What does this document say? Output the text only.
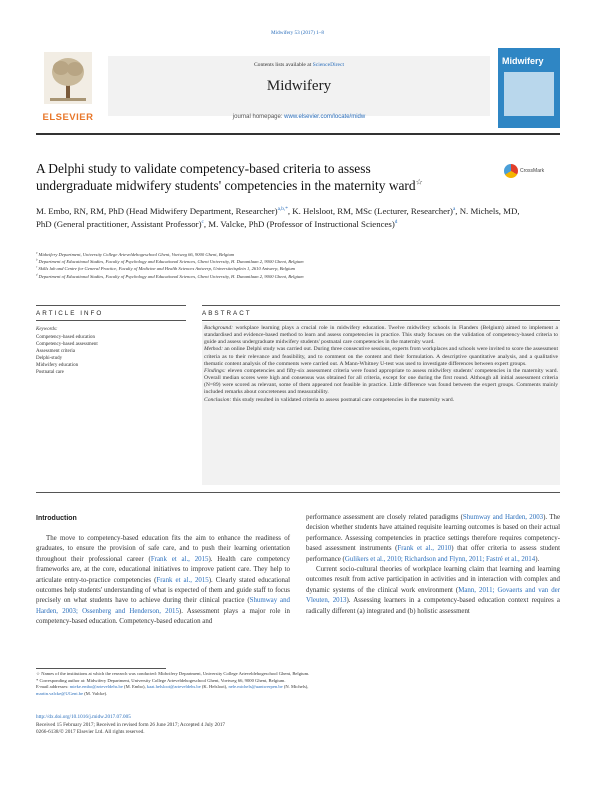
Midwifery 53 (2017) 1–8
ELSEVIER
Contents lists available at ScienceDirect
Midwifery
journal homepage: www.elsevier.com/locate/midw
Midwifery
A Delphi study to validate competency-based criteria to assess
undergraduate midwifery students' competencies in the maternity ward☆
CrossMark
M. Embo, RN, RM, PhD (Head Midwifery Department, Researcher)$^{a,b,*}$, K. Helsloot, RM, MSc (Lecturer, Researcher)$^a$, N. Michels, MD, PhD (General practitioner, Assistant Professor)$^c$, M. Valcke, PhD (Professor of Instructional Sciences)$^d$
$^a$ Midwifery Department, University College Arteveldehogeschool Ghent, Voetweg 66, 9000 Ghent, Belgium
$^b$ Department of Educational Studies, Faculty of Psychology and Educational Sciences, Ghent University, H. Dunantlaan 2, 9000 Ghent, Belgium
$^c$ Skills lab and Centre for General Practice, Faculty of Medicine and Health Sciences Antwerp, Universiteitsplein 1, 2610 Antwerp, Belgium
$^d$ Department of Educational Studies, Faculty of Psychology and Educational Sciences, Ghent University, H. Dunantlaan 2, 9000 Ghent, Belgium
ARTICLE INFO
Keywords:
Competency-based education
Competency-based assessment
Assessment criteria
Delphi-study
Midwifery education
Postnatal care
ABSTRACT

Background: workplace learning plays a crucial role in midwifery education. Twelve midwifery schools in Flanders (Belgium) aimed to implement a standardised and evidence-based method to learn and assess competencies in practice. This study focuses on the validation of competency-based criteria to guide and assess undergraduate midwifery students' postnatal care competencies in the maternity ward.

Method: an online Delphi study was carried out. During three consecutive sessions, experts from workplaces and schools were invited to score the assessment criteria as to their relevance and feasibility, and to comment on the content and their formulation. A descriptive quantitative analysis, and a qualitative thematic content analysis of the comments were carried out. A Mann-Whitney U-test was used to investigate differences between expert groups.

Findings: eleven competencies and fifty-six assessment criteria were found appropriate to assess midwifery students' competencies in the maternity ward. Overall median scores were high and consensus was obtained for all criteria, except for one during the first round. Although all initial assessment criteria (N=89) were scored as relevant, some of them appeared not feasible in practice. Little difference was found between the expert groups. Comments mainly included remarks about concreteness and measurability.

Conclusion: this study resulted in validated criteria to assess postnatal care competencies in the maternity ward.

Introduction

The move to competency-based education fits the aim to enhance the readiness of graduates, to ensure the provision of safe care, and to push their learning orientation throughout their professional career (Frank et al., 2015). Health care competency frameworks are, at the core, educational initiatives to improve patient care. They help to articulate entry-to-practice competencies (Frank et al., 2015). Clearly stated educational outcomes help students' understanding of what is expected of them and guide staff to focus precisely on what students have to achieve during their clinical practice (Shumway and Harden, 2003; Ossenberg and Henderson, 2015). Assessment plays a major role in competency-based education. Competency-based education and

performance assessment are closely related paradigms (Shumway and Harden, 2003). The decision whether students have attained requisite learning outcomes is based on their actual performance. Assessing competencies in practice settings therefore requires competency-based assessment instruments (Frank et al., 2010) that offer criteria to assess student performance (Gulikers et al., 2010; Richardson and Flynn, 2011; Fastré et al., 2014).

Current socio-cultural theories of workplace learning claim that learning and learning outcomes result from active participation in activities and in interaction with complex and dynamic systems of the clinical work environment (Mann, 2011; Govaerts and van der Vleuten, 2013). Assessing learners in a competency-based education context requires a radically different (a) integrated and (b) holistic assessment

☆ Names of the institutions at which the research was conducted: Midwifery Department, University College Arteveldehogeschool Ghent, Belgium.
* Corresponding author at: Midwifery Department, University College Arteveldehogeschool Ghent, Voetweg 66, 9000 Ghent, Belgium.
E-mail addresses: mieke.embo@arteveldehs.be (M. Embo), kaat.helsloot@arteveldehs.be (K. Helsloot), nele.michels@uantwerpen.be (N. Michels),
martin.valcke@UGent.be (M. Valcke).
http://dx.doi.org/10.1016/j.midw.2017.07.005
Received 15 February 2017; Received in revised form 26 June 2017; Accepted 4 July 2017
0266-6138/© 2017 Elsevier Ltd. All rights reserved.
